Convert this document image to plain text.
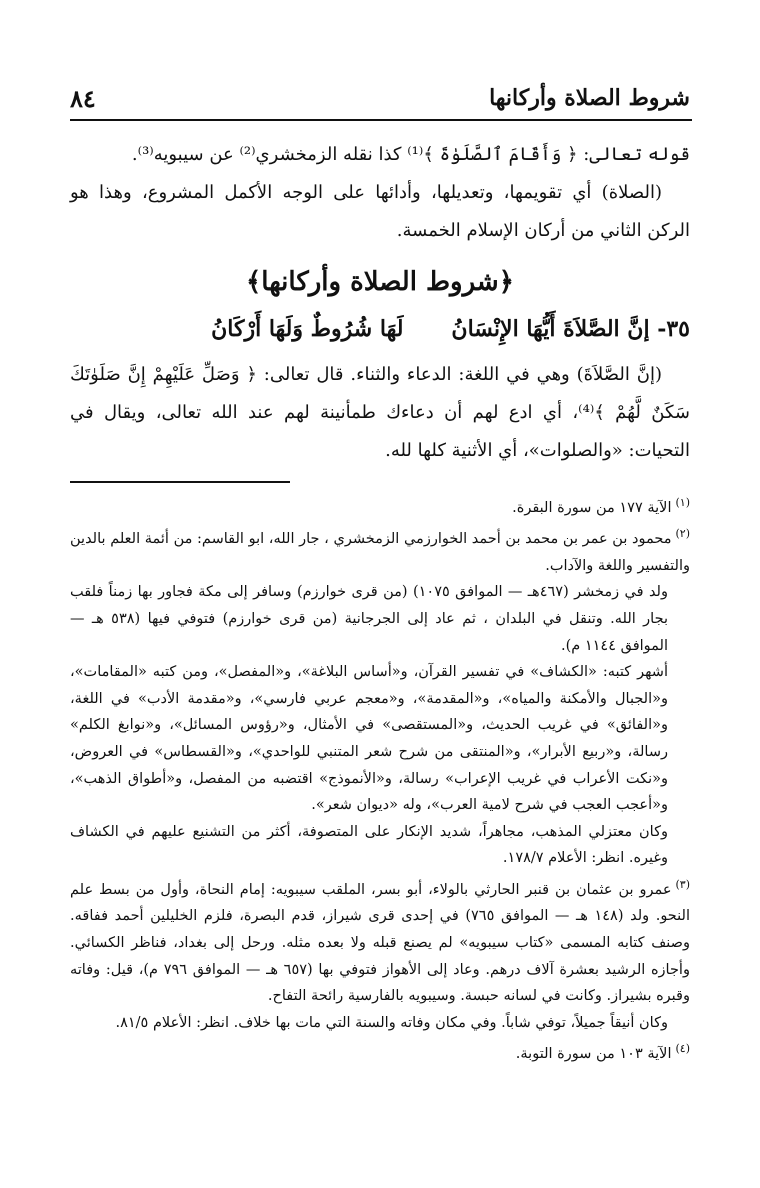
شروط الصلاة وأركانها
٨٤

قوله تعالى: ﴿ وَأَقَامَ ٱلصَّلَوٰةَ ﴾⁽¹⁾ كذا نقله الزمخشري⁽²⁾ عن سيبويه⁽³⁾.

(الصلاة) أي تقويمها، وتعديلها، وأدائها على الوجه الأكمل المشروع، وهذا هو الركن الثاني من أركان الإسلام الخمسة.

﴿شروط الصلاة وأركانها﴾
٣٥- إنَّ الصَّلاَةَ أَيُّهَا الإِنْسَانُ
لَهَا شُرُوطٌ وَلَهَا أَرْكَانُ

(إنَّ الصَّلاَةَ) وهي في اللغة: الدعاء والثناء. قال تعالى: ﴿ وَصَلِّ عَلَيْهِمْ إِنَّ صَلَوٰتَكَ سَكَنٌ لَّهُمْ ﴾⁽⁴⁾، أي ادع لهم أن دعاءك طمأنينة لهم عند الله تعالى، ويقال في التحيات: «والصلوات»، أي الأثنية كلها لله.

$^{(١)}$الآية ١٧٧ من سورة البقرة.

$^{(٢)}$محمود بن عمر بن محمد بن أحمد الخوارزمي الزمخشري ، جار الله، ابو القاسم: من أئمة العلم بالدين والتفسير واللغة والآداب.

ولد في زمخشر (٤٦٧هـ — الموافق ١٠٧٥) (من قرى خوارزم) وسافر إلى مكة فجاور بها زمناً فلقب بجار الله. وتنقل في البلدان ، ثم عاد إلى الجرجانية (من قرى خوارزم) فتوفي فيها (٥٣٨ هـ — الموافق ١١٤٤ م).

أشهر كتبه: «الكشاف» في تفسير القرآن، و«أساس البلاغة»، و«المفصل»، ومن كتبه «المقامات»، و«الجبال والأمكنة والمياه»، و«المقدمة»، و«معجم عربي فارسي»، و«مقدمة الأدب» في اللغة، و«الفائق» في غريب الحديث، و«المستقصى» في الأمثال، و«رؤوس المسائل»، و«نوابغ الكلم» رسالة، و«ربيع الأبرار»، و«المنتقى من شرح شعر المتنبي للواحدي»، و«القسطاس» في العروض، و«نكت الأعراب في غريب الإعراب» رسالة، و«الأنموذج» اقتضبه من المفصل، و«أطواق الذهب»، و«أعجب العجب في شرح لامية العرب»، وله «ديوان شعر».

وكان معتزلي المذهب، مجاهراً، شديد الإنكار على المتصوفة، أكثر من التشنيع عليهم في الكشاف وغيره. انظر: الأعلام ١٧٨/٧.

$^{(٣)}$عمرو بن عثمان بن قنبر الحارثي بالولاء، أبو بسر، الملقب سيبويه: إمام النحاة، وأول من بسط علم النحو. ولد (١٤٨ هـ — الموافق ٧٦٥) في إحدى قرى شيراز، قدم البصرة، فلزم الخليلين أحمد ففاقه. وصنف كتابه المسمى «كتاب سيبويه» لم يصنع قبله ولا بعده مثله. ورحل إلى بغداد، فناظر الكسائي. وأجازه الرشيد بعشرة آلاف درهم. وعاد إلى الأهواز فتوفي بها (٦٥٧ هـ — الموافق ٧٩٦ م)، قيل: وفاته وقبره بشيراز. وكانت في لسانه حبسة. وسيبويه بالفارسية رائحة التفاح.

وكان أنيقاً جميلاً، توفي شاباً. وفي مكان وفاته والسنة التي مات بها خلاف. انظر: الأعلام ٨١/٥.

$^{(٤)}$الآية ١٠٣ من سورة التوبة.
